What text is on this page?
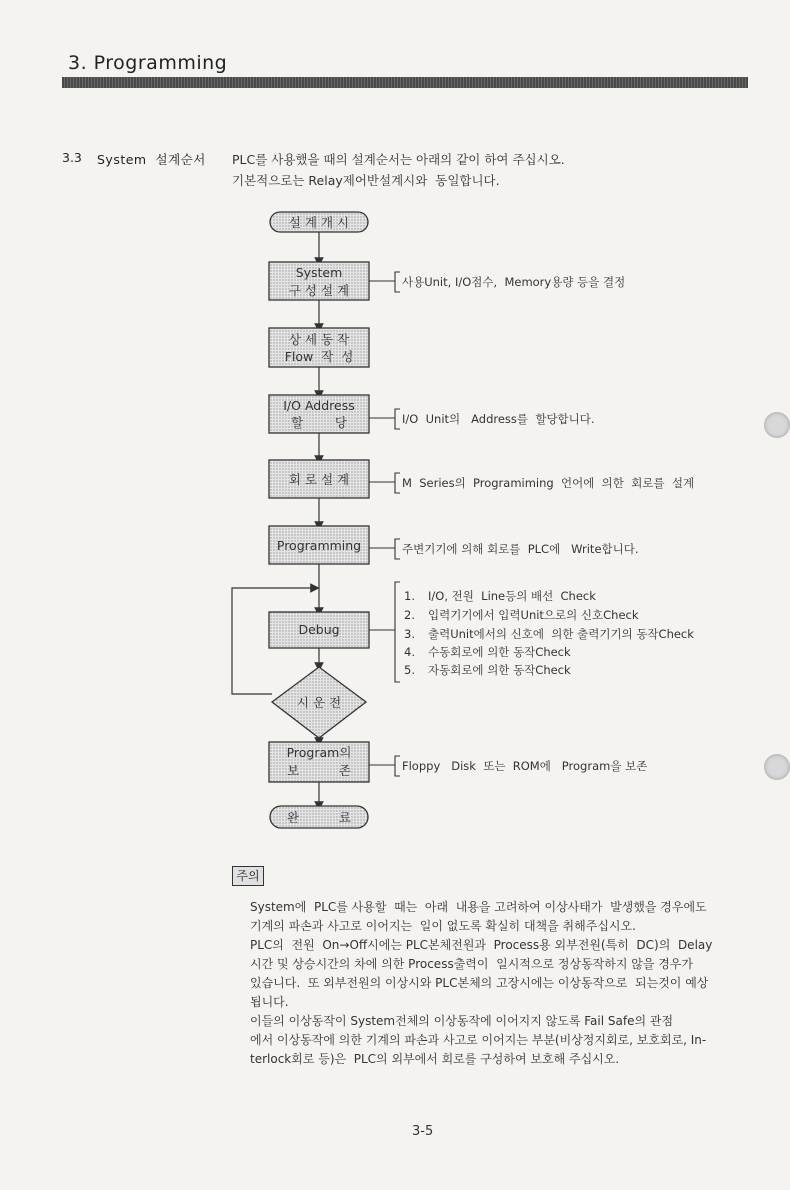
3. Programming
3.3 System  설계순서 PLC를 사용했을 때의 설계순서는 아래의 같이 하여 주십시오.
기본적으로는 Relay제어반설계시와  동일합니다.
설 계 개 시
System
구 성 설 계
상 세 동 작
Flow  작  성
I/O Address
할        당
회 로 설 계
Programming
Debug
시 운 전
Program의
보          존
완          료
사용Unit, I/O점수,  Memory용량 등을 결정
I/O  Unit의   Address를  할당합니다.
M  Series의  Programiming  언어에  의한  회로를  설계
주변기기에 의해 회로를  PLC에   Write합니다.
Floppy   Disk  또는  ROM에   Program을 보존
1. I/O, 전원  Line등의 배선  Check
2. 입력기기에서 입력Unit으로의 신호Check
3. 출력Unit에서의 신호에  의한 출력기기의 동작Check
4. 수동회로에 의한 동작Check
5. 자동회로에 의한 동작Check
주의
System에  PLC를 사용할  때는  아래  내용을 고려하여 이상사태가  발생했을 경우에도
기계의 파손과 사고로 이어지는  일이 없도록 확실히 대책을 취해주십시오.
PLC의  전원  On→Off시에는 PLC본체전원과  Process용 외부전원(특히  DC)의  Delay
시간 및 상승시간의 차에 의한 Process출력이  일시적으로 정상동작하지 않을 경우가
있습니다.  또 외부전원의 이상시와 PLC본체의 고장시에는 이상동작으로  되는것이 예상
됩니다.
이들의 이상동작이 System전체의 이상동작에 이어지지 않도록 Fail Safe의 관점
에서 이상동작에 의한 기계의 파손과 사고로 이어지는 부분(비상정지회로, 보호회로, In-
terlock회로 등)은  PLC의 외부에서 회로를 구성하여 보호해 주십시오.
3-5
